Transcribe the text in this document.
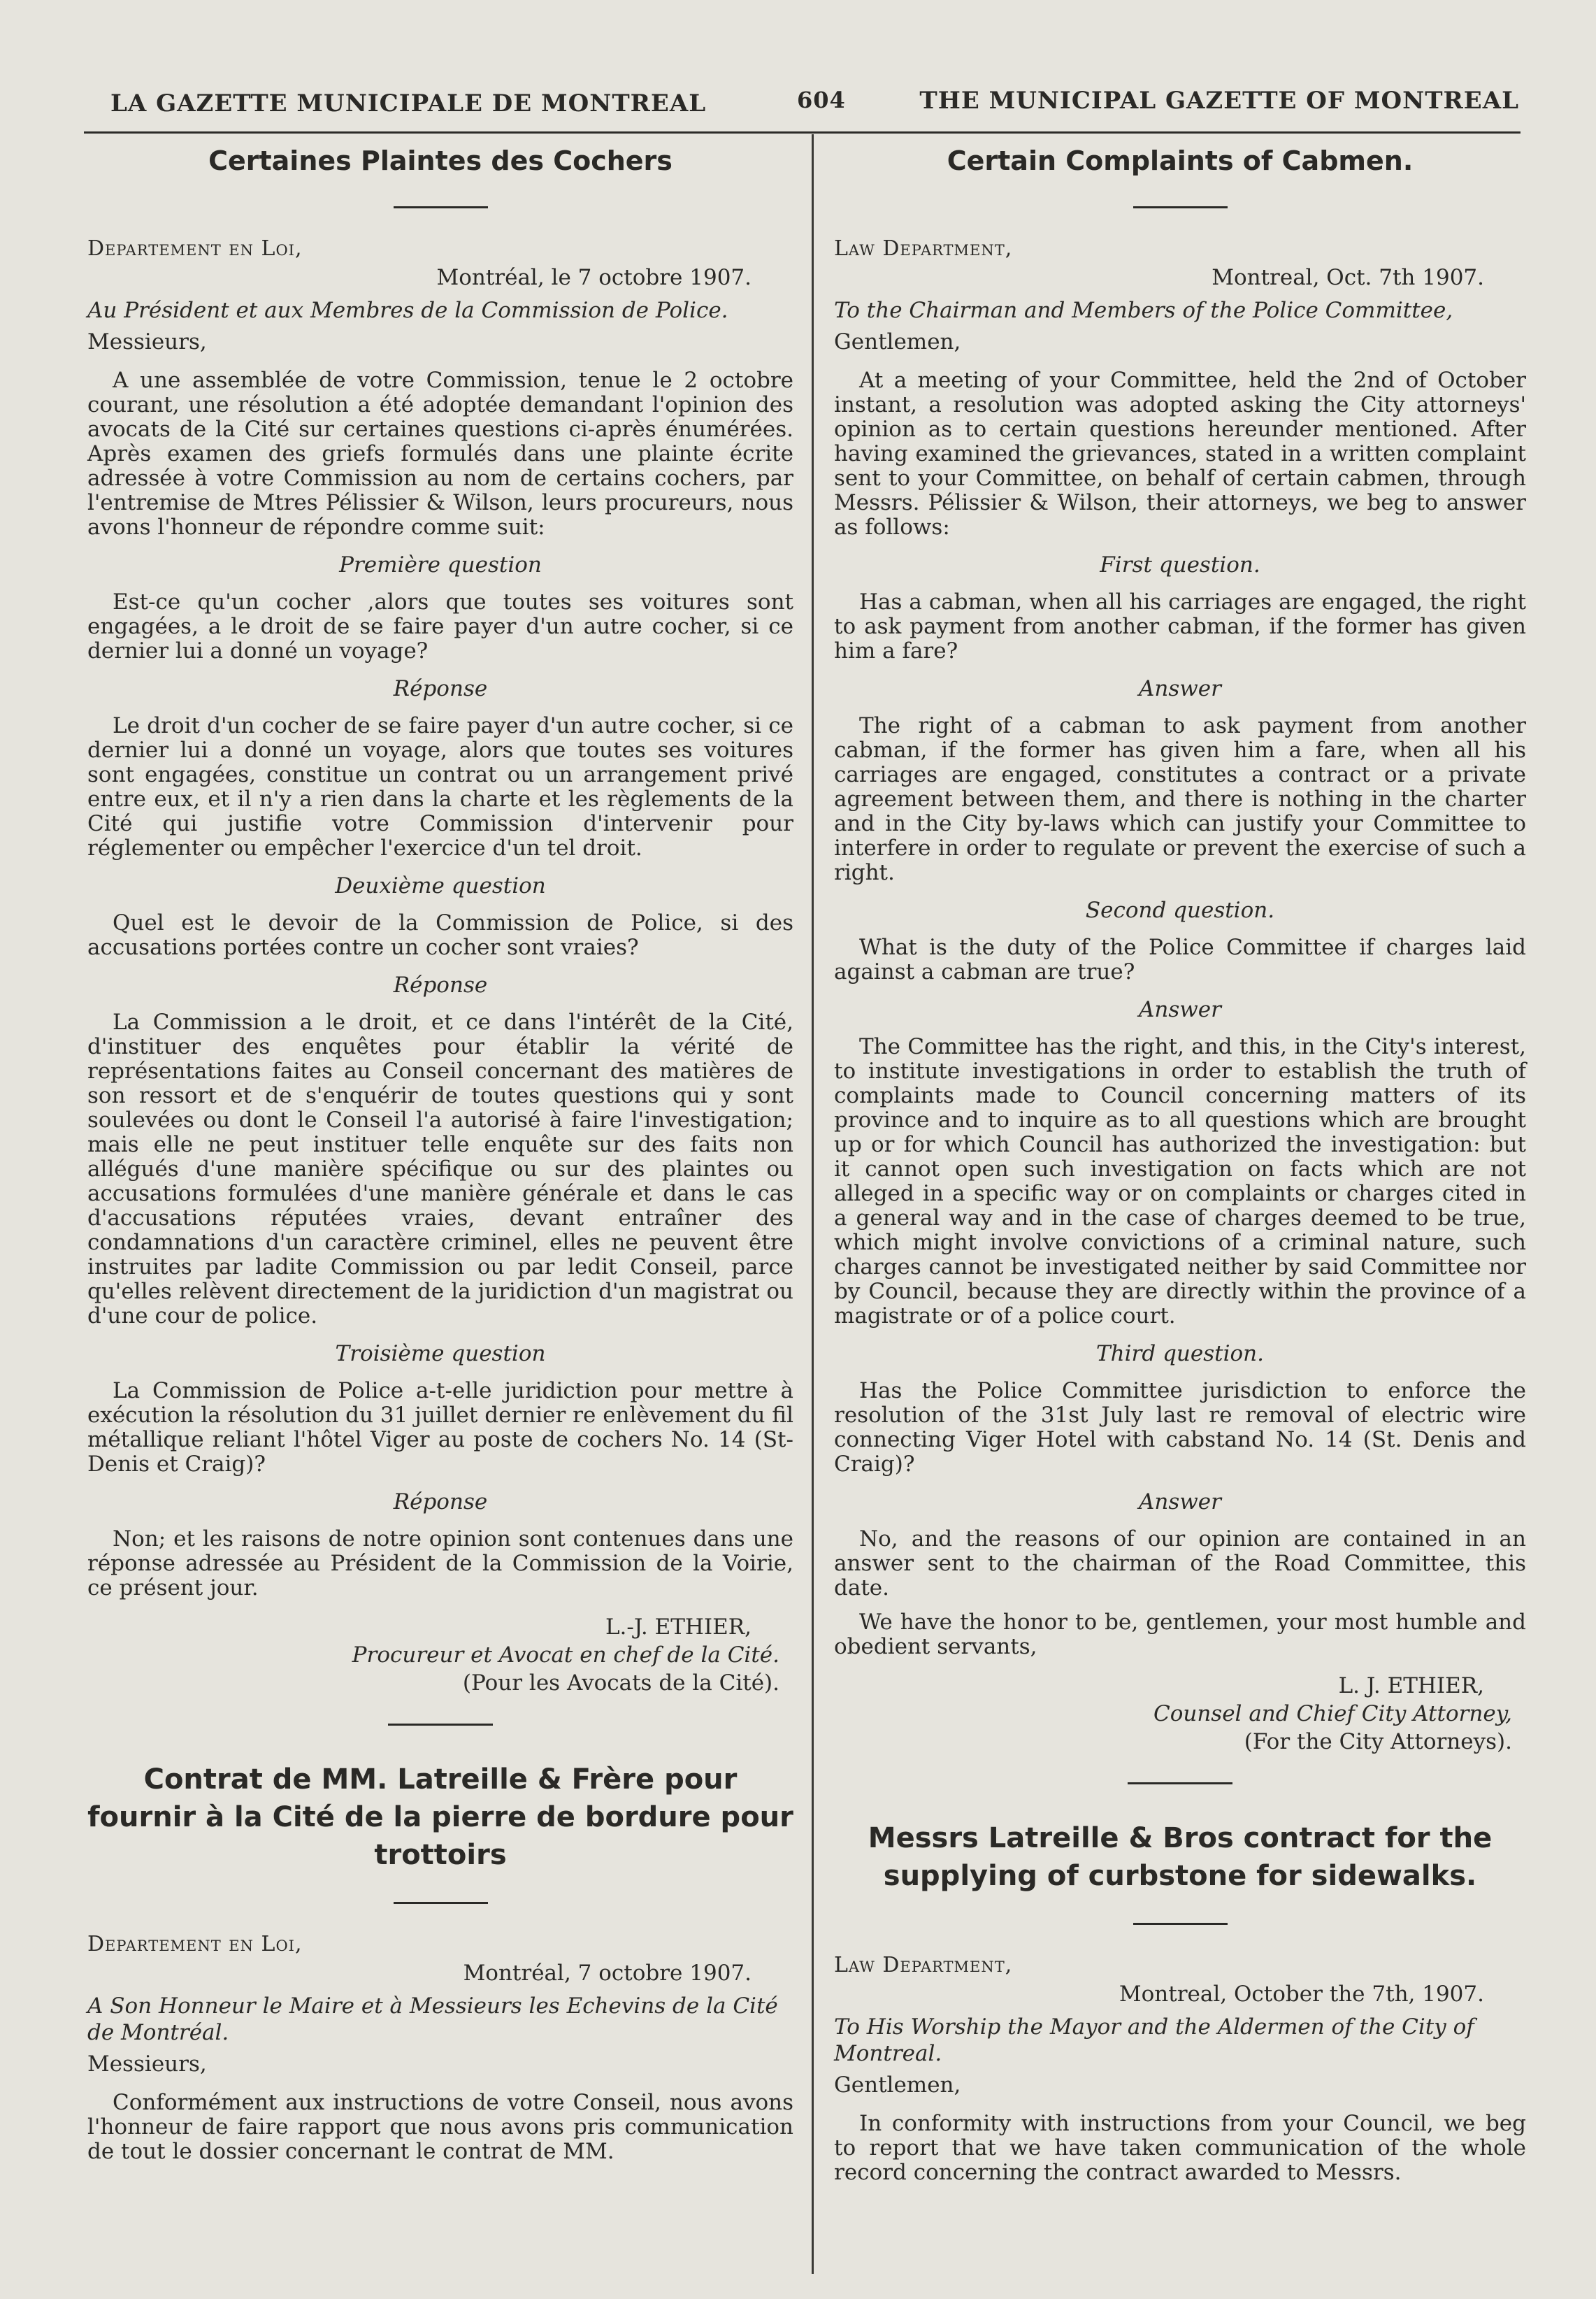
LA GAZETTE MUNICIPALE DE MONTREAL	604	THE MUNICIPAL GAZETTE OF MONTREAL
Certaines Plaintes des Cochers
Departement en Loi,
Montréal, le 7 octobre 1907.
Au Président et aux Membres de la Commission de Police.
Messieurs,

A une assemblée de votre Commission, tenue le 2 octobre courant, une résolution a été adoptée demandant l'opinion des avocats de la Cité sur certaines questions ci-après énumérées. Après examen des griefs formulés dans une plainte écrite adressée à votre Commission au nom de certains cochers, par l'entremise de Mtres Pélissier & Wilson, leurs procureurs, nous avons l'honneur de répondre comme suit:

Première question

Est-ce qu'un cocher ,alors que toutes ses voitures sont engagées, a le droit de se faire payer d'un autre cocher, si ce dernier lui a donné un voyage?

Réponse

Le droit d'un cocher de se faire payer d'un autre cocher, si ce dernier lui a donné un voyage, alors que toutes ses voitures sont engagées, constitue un contrat ou un arrangement privé entre eux, et il n'y a rien dans la charte et les règlements de la Cité qui justifie votre Commission d'intervenir pour réglementer ou empêcher l'exercice d'un tel droit.

Deuxième question

Quel est le devoir de la Commission de Police, si des accusations portées contre un cocher sont vraies?

Réponse

La Commission a le droit, et ce dans l'intérêt de la Cité, d'instituer des enquêtes pour établir la vérité de représentations faites au Conseil concernant des matières de son ressort et de s'enquérir de toutes questions qui y sont soulevées ou dont le Conseil l'a autorisé à faire l'investigation; mais elle ne peut instituer telle enquête sur des faits non allégués d'une manière spécifique ou sur des plaintes ou accusations formulées d'une manière générale et dans le cas d'accusations réputées vraies, devant entraîner des condamnations d'un caractère criminel, elles ne peuvent être instruites par ladite Commission ou par ledit Conseil, parce qu'elles relèvent directement de la juridiction d'un magistrat ou d'une cour de police.

Troisième question

La Commission de Police a-t-elle juridiction pour mettre à exécution la résolution du 31 juillet dernier re enlèvement du fil métallique reliant l'hôtel Viger au poste de cochers No. 14 (St-Denis et Craig)?

Réponse

Non; et les raisons de notre opinion sont contenues dans une réponse adressée au Président de la Commission de la Voirie, ce présent jour.

L.-J. ETHIER,
Procureur et Avocat en chef de la Cité.
(Pour les Avocats de la Cité).
Contrat de MM. Latreille & Frère pour fournir à la Cité de la pierre de bordure pour trottoirs
Departement en Loi,
Montréal, 7 octobre 1907.
A Son Honneur le Maire et à Messieurs les Echevins de la Cité de Montréal.
Messieurs,

Conformément aux instructions de votre Conseil, nous avons l'honneur de faire rapport que nous avons pris communication de tout le dossier concernant le contrat de MM.

Certain Complaints of Cabmen.
Law Department,
Montreal, Oct. 7th 1907.
To the Chairman and Members of the Police Committee,
Gentlemen,

At a meeting of your Committee, held the 2nd of October instant, a resolution was adopted asking the City attorneys' opinion as to certain questions hereunder mentioned. After having examined the grievances, stated in a written complaint sent to your Committee, on behalf of certain cabmen, through Messrs. Pélissier & Wilson, their attorneys, we beg to answer as follows:

First question.

Has a cabman, when all his carriages are engaged, the right to ask payment from another cabman, if the former has given him a fare?

Answer

The right of a cabman to ask payment from another cabman, if the former has given him a fare, when all his carriages are engaged, constitutes a contract or a private agreement between them, and there is nothing in the charter and in the City by-laws which can justify your Committee to interfere in order to regulate or prevent the exercise of such a right.

Second question.

What is the duty of the Police Committee if charges laid against a cabman are true?

Answer

The Committee has the right, and this, in the City's interest, to institute investigations in order to establish the truth of complaints made to Council concerning matters of its province and to inquire as to all questions which are brought up or for which Council has authorized the investigation: but it cannot open such investigation on facts which are not alleged in a specific way or on complaints or charges cited in a general way and in the case of charges deemed to be true, which might involve convictions of a criminal nature, such charges cannot be investigated neither by said Committee nor by Council, because they are directly within the province of a magistrate or of a police court.

Third question.

Has the Police Committee jurisdiction to enforce the resolution of the 31st July last re removal of electric wire connecting Viger Hotel with cabstand No. 14 (St. Denis and Craig)?

Answer

No, and the reasons of our opinion are contained in an answer sent to the chairman of the Road Committee, this date.

We have the honor to be, gentlemen, your most humble and obedient servants,

L. J. ETHIER,
Counsel and Chief City Attorney,
(For the City Attorneys).
Messrs Latreille & Bros contract for the supplying of curbstone for sidewalks.
Law Department,
Montreal, October the 7th, 1907.
To His Worship the Mayor and the Aldermen of the City of Montreal.
Gentlemen,

In conformity with instructions from your Council, we beg to report that we have taken communication of the whole record concerning the contract awarded to Messrs.
